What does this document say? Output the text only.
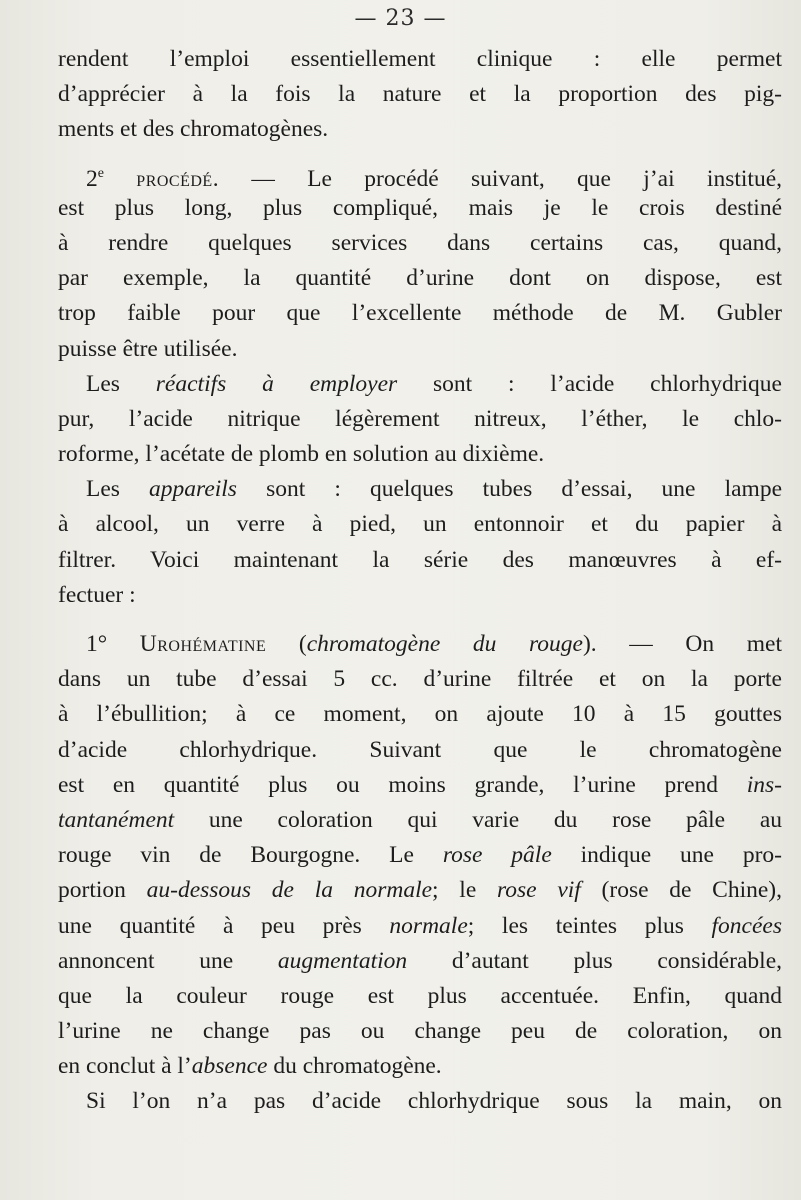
— 23 —
rendent l’emploi essentiellement clinique : elle permet
d’apprécier à la fois la nature et la proportion des pig-
ments et des chromatogènes.
2e procédé. — Le procédé suivant, que j’ai institué,
est plus long, plus compliqué, mais je le crois destiné
à rendre quelques services dans certains cas, quand,
par exemple, la quantité d’urine dont on dispose, est
trop faible pour que l’excellente méthode de M. Gubler
puisse être utilisée.
Les réactifs à employer sont : l’acide chlorhydrique
pur, l’acide nitrique légèrement nitreux, l’éther, le chlo-
roforme, l’acétate de plomb en solution au dixième.
Les appareils sont : quelques tubes d’essai, une lampe
à alcool, un verre à pied, un entonnoir et du papier à
filtrer. Voici maintenant la série des manœuvres à ef-
fectuer :
1° Urohématine (chromatogène du rouge). — On met
dans un tube d’essai 5 cc. d’urine filtrée et on la porte
à l’ébullition; à ce moment, on ajoute 10 à 15 gouttes
d’acide chlorhydrique. Suivant que le chromatogène
est en quantité plus ou moins grande, l’urine prend ins-
tantanément une coloration qui varie du rose pâle au
rouge vin de Bourgogne. Le rose pâle indique une pro-
portion au-dessous de la normale; le rose vif (rose de Chine),
une quantité à peu près normale; les teintes plus foncées
annoncent une augmentation d’autant plus considérable,
que la couleur rouge est plus accentuée. Enfin, quand
l’urine ne change pas ou change peu de coloration, on
en conclut à l’absence du chromatogène.
Si l’on n’a pas d’acide chlorhydrique sous la main, on
